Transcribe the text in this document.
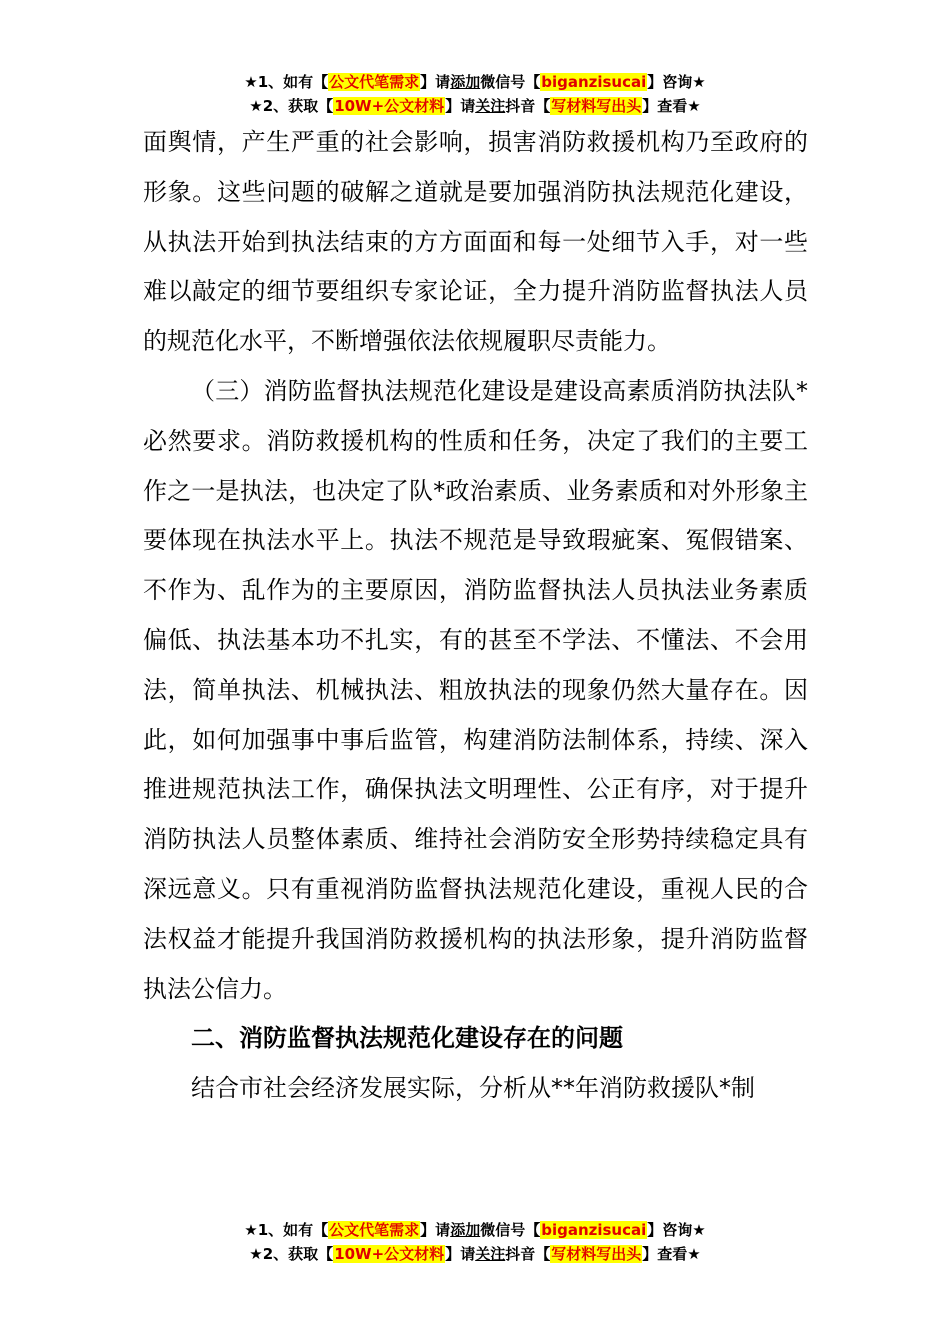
★1、如有【公文代笔需求】请添加微信号【biganzisucai】咨询★
★2、获取【10W+公文材料】请关注抖音【写材料写出头】查看★

面舆情，产生严重的社会影响，损害消防救援机构乃至政府的形象。这些问题的破解之道就是要加强消防执法规范化建设，从执法开始到执法结束的方方面面和每一处细节入手，对一些难以敲定的细节要组织专家论证，全力提升消防监督执法人员的规范化水平，不断增强依法依规履职尽责能力。

（三）消防监督执法规范化建设是建设高素质消防执法队*必然要求。消防救援机构的性质和任务，决定了我们的主要工作之一是执法，也决定了队*政治素质、业务素质和对外形象主要体现在执法水平上。执法不规范是导致瑕疵案、冤假错案、不作为、乱作为的主要原因，消防监督执法人员执法业务素质偏低、执法基本功不扎实，有的甚至不学法、不懂法、不会用法，简单执法、机械执法、粗放执法的现象仍然大量存在。因此，如何加强事中事后监管，构建消防法制体系，持续、深入推进规范执法工作，确保执法文明理性、公正有序，对于提升消防执法人员整体素质、维持社会消防安全形势持续稳定具有深远意义。只有重视消防监督执法规范化建设，重视人民的合法权益才能提升我国消防救援机构的执法形象，提升消防监督执法公信力。

二、消防监督执法规范化建设存在的问题

结合市社会经济发展实际，分析从**年消防救援队*制

★1、如有【公文代笔需求】请添加微信号【biganzisucai】咨询★
★2、获取【10W+公文材料】请关注抖音【写材料写出头】查看★
